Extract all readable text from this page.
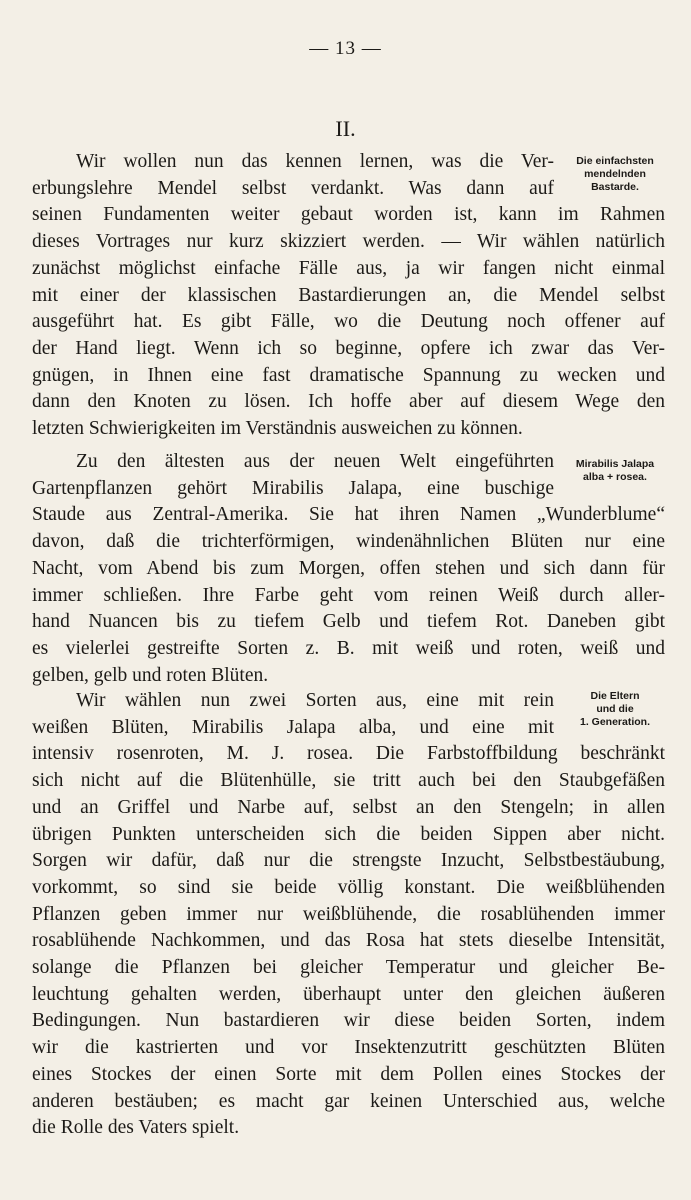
— 13 —
II.
Wir wollen nun das kennen lernen, was die Ver-
erbungslehre Mendel selbst verdankt. Was dann auf
seinen Fundamenten weiter gebaut worden ist, kann im Rahmen
dieses Vortrages nur kurz skizziert werden. — Wir wählen natürlich
zunächst möglichst einfache Fälle aus, ja wir fangen nicht einmal
mit einer der klassischen Bastardierungen an, die Mendel selbst
ausgeführt hat. Es gibt Fälle, wo die Deutung noch offener auf
der Hand liegt. Wenn ich so beginne, opfere ich zwar das Ver-
gnügen, in Ihnen eine fast dramatische Spannung zu wecken und
dann den Knoten zu lösen. Ich hoffe aber auf diesem Wege den
letzten Schwierigkeiten im Verständnis ausweichen zu können.
Zu den ältesten aus der neuen Welt eingeführten
Gartenpflanzen gehört Mirabilis Jalapa, eine buschige
Staude aus Zentral-Amerika. Sie hat ihren Namen „Wunderblume“
davon, daß die trichterförmigen, windenähnlichen Blüten nur eine
Nacht, vom Abend bis zum Morgen, offen stehen und sich dann für
immer schließen. Ihre Farbe geht vom reinen Weiß durch aller-
hand Nuancen bis zu tiefem Gelb und tiefem Rot. Daneben gibt
es vielerlei gestreifte Sorten z. B. mit weiß und roten, weiß und
gelben, gelb und roten Blüten.
Wir wählen nun zwei Sorten aus, eine mit rein
weißen Blüten, Mirabilis Jalapa alba, und eine mit
intensiv rosenroten, M. J. rosea. Die Farbstoffbildung beschränkt
sich nicht auf die Blütenhülle, sie tritt auch bei den Staubgefäßen
und an Griffel und Narbe auf, selbst an den Stengeln; in allen
übrigen Punkten unterscheiden sich die beiden Sippen aber nicht.
Sorgen wir dafür, daß nur die strengste Inzucht, Selbstbestäubung,
vorkommt, so sind sie beide völlig konstant. Die weißblühenden
Pflanzen geben immer nur weißblühende, die rosablühenden immer
rosablühende Nachkommen, und das Rosa hat stets dieselbe Intensität,
solange die Pflanzen bei gleicher Temperatur und gleicher Be-
leuchtung gehalten werden, überhaupt unter den gleichen äußeren
Bedingungen. Nun bastardieren wir diese beiden Sorten, indem
wir die kastrierten und vor Insektenzutritt geschützten Blüten
eines Stockes der einen Sorte mit dem Pollen eines Stockes der
anderen bestäuben; es macht gar keinen Unterschied aus, welche
die Rolle des Vaters spielt.
Die einfachsten
mendelnden
Bastarde.
Mirabilis Jalapa
alba + rosea.
Die Eltern
und die
1. Generation.
